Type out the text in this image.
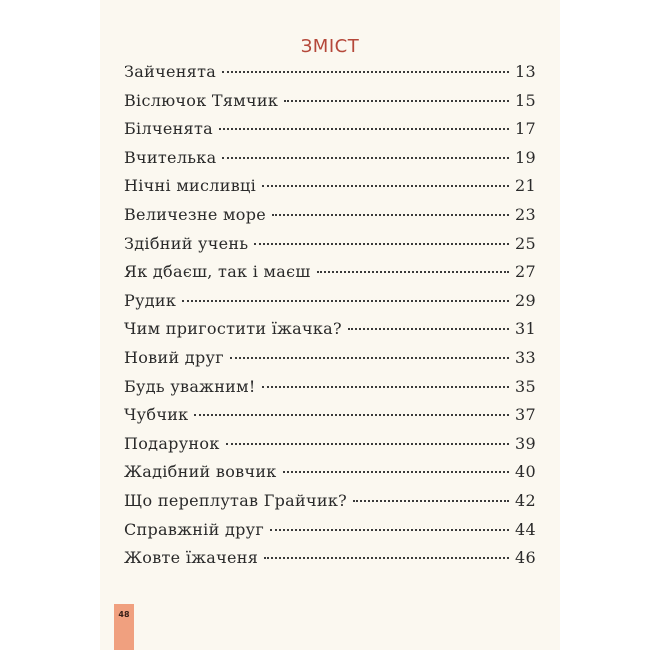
ЗМІСТ
Зайченята	13
Віслючок Тямчик	15
Білченята	17
Вчителька	19
Нічні мисливці	21
Величезне море	23
Здібний учень	25
Як дбаєш, так і маєш	27
Рудик	29
Чим пригостити їжачка?	31
Новий друг	33
Будь уважним!	35
Чубчик	37
Подарунок	39
Жадібний вовчик	40
Що переплутав Грайчик?	42
Справжній друг	44
Жовте їжаченя	46
48
